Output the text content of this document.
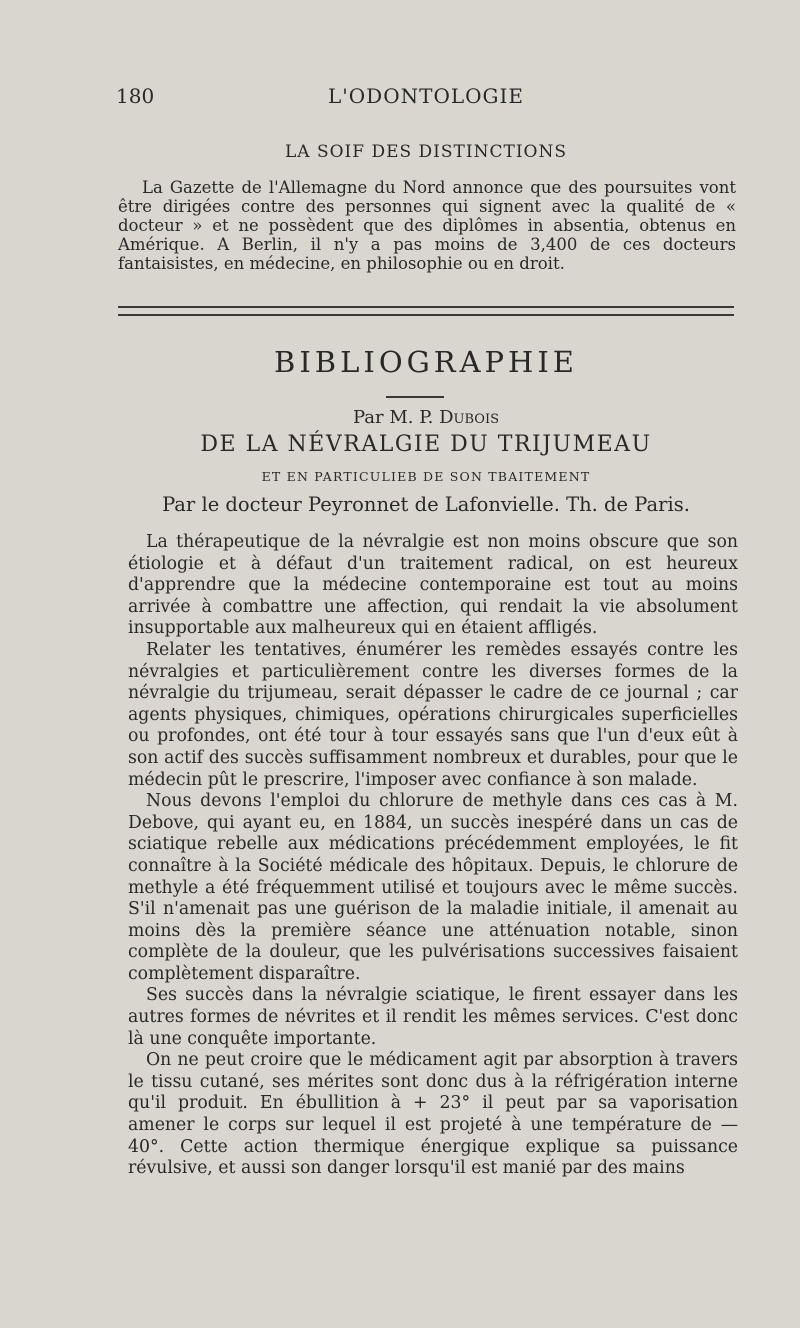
180	L'ODONTOLOGIE
LA SOIF DES DISTINCTIONS

La Gazette de l'Allemagne du Nord annonce que des poursuites vont être dirigées contre des personnes qui signent avec la qualité de « docteur » et ne possèdent que des diplômes in absentia, obtenus en Amérique. A Berlin, il n'y a pas moins de 3,400 de ces docteurs fantaisistes, en médecine, en philosophie ou en droit.

BIBLIOGRAPHIE
Par M. P. Dubois
DE LA NÉVRALGIE DU TRIJUMEAU
ET EN PARTICULIEB DE SON TBAITEMENT
Par le docteur Peyronnet de Lafonvielle. Th. de Paris.

La thérapeutique de la névralgie est non moins obscure que son étiologie et à défaut d'un traitement radical, on est heureux d'apprendre que la médecine contemporaine est tout au moins arrivée à combattre une affection, qui rendait la vie absolument insupportable aux malheureux qui en étaient affligés.

Relater les tentatives, énumérer les remèdes essayés contre les névralgies et particulièrement contre les diverses formes de la névralgie du trijumeau, serait dépasser le cadre de ce journal ; car agents physiques, chimiques, opérations chirurgicales superficielles ou profondes, ont été tour à tour essayés sans que l'un d'eux eût à son actif des succès suffisamment nombreux et durables, pour que le médecin pût le prescrire, l'imposer avec confiance à son malade.

Nous devons l'emploi du chlorure de methyle dans ces cas à M. Debove, qui ayant eu, en 1884, un succès inespéré dans un cas de sciatique rebelle aux médications précédemment employées, le fit connaître à la Société médicale des hôpitaux. Depuis, le chlorure de methyle a été fréquemment utilisé et toujours avec le même succès. S'il n'amenait pas une guérison de la maladie initiale, il amenait au moins dès la première séance une atténuation notable, sinon complète de la douleur, que les pulvérisations successives faisaient complètement disparaître.

Ses succès dans la névralgie sciatique, le firent essayer dans les autres formes de névrites et il rendit les mêmes services. C'est donc là une conquête importante.

On ne peut croire que le médicament agit par absorption à travers le tissu cutané, ses mérites sont donc dus à la réfrigération interne qu'il produit. En ébullition à + 23° il peut par sa vaporisation amener le corps sur lequel il est projeté à une température de — 40°. Cette action thermique énergique explique sa puissance révulsive, et aussi son danger lorsqu'il est manié par des mains
